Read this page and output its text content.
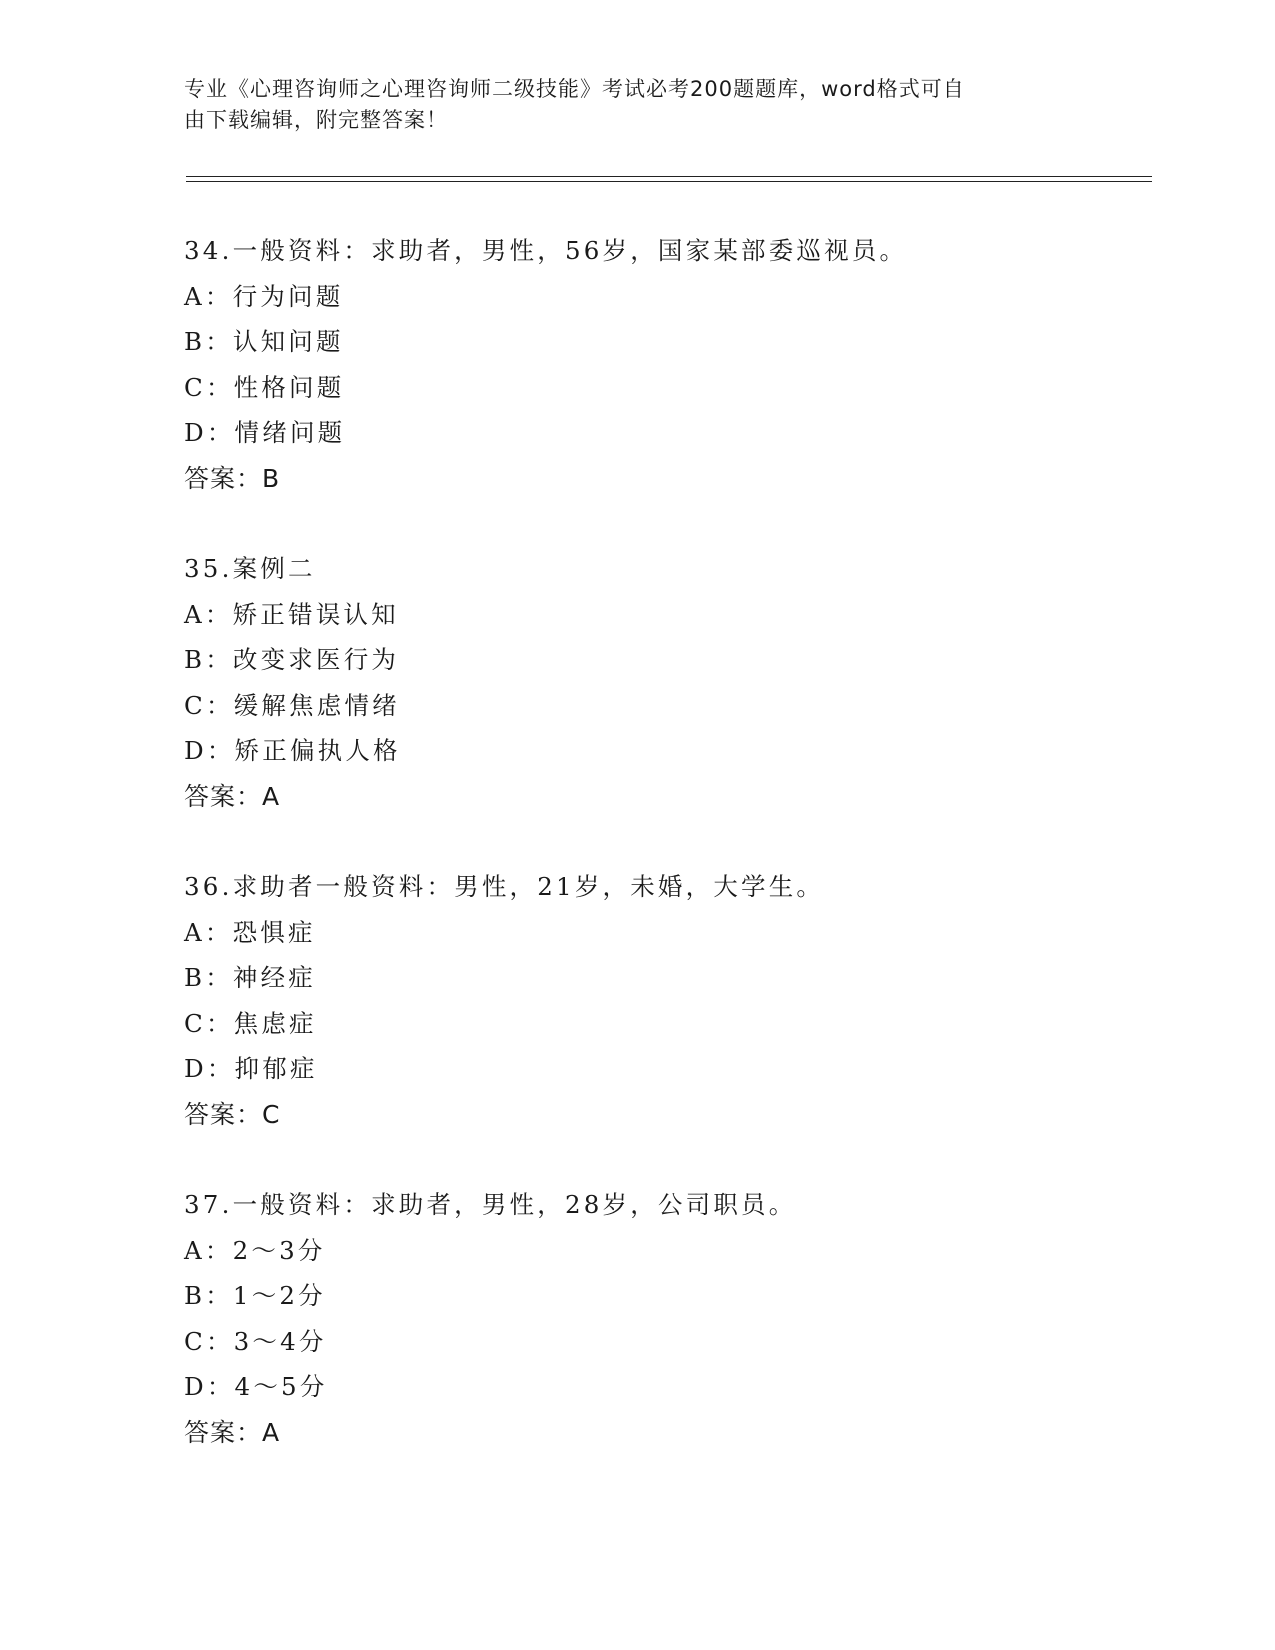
专业《心理咨询师之心理咨询师二级技能》考试必考200题题库，word格式可自
由下载编辑，附完整答案！
34.一般资料：求助者，男性，56岁，国家某部委巡视员。
A：行为问题
B：认知问题
C：性格问题
D：情绪问题
答案：B
35.案例二
A：矫正错误认知
B：改变求医行为
C：缓解焦虑情绪
D：矫正偏执人格
答案：A
36.求助者一般资料：男性，21岁，未婚，大学生。
A：恐惧症
B：神经症
C：焦虑症
D：抑郁症
答案：C
37.一般资料：求助者，男性，28岁，公司职员。
A：2～3分
B：1～2分
C：3～4分
D：4～5分
答案：A
